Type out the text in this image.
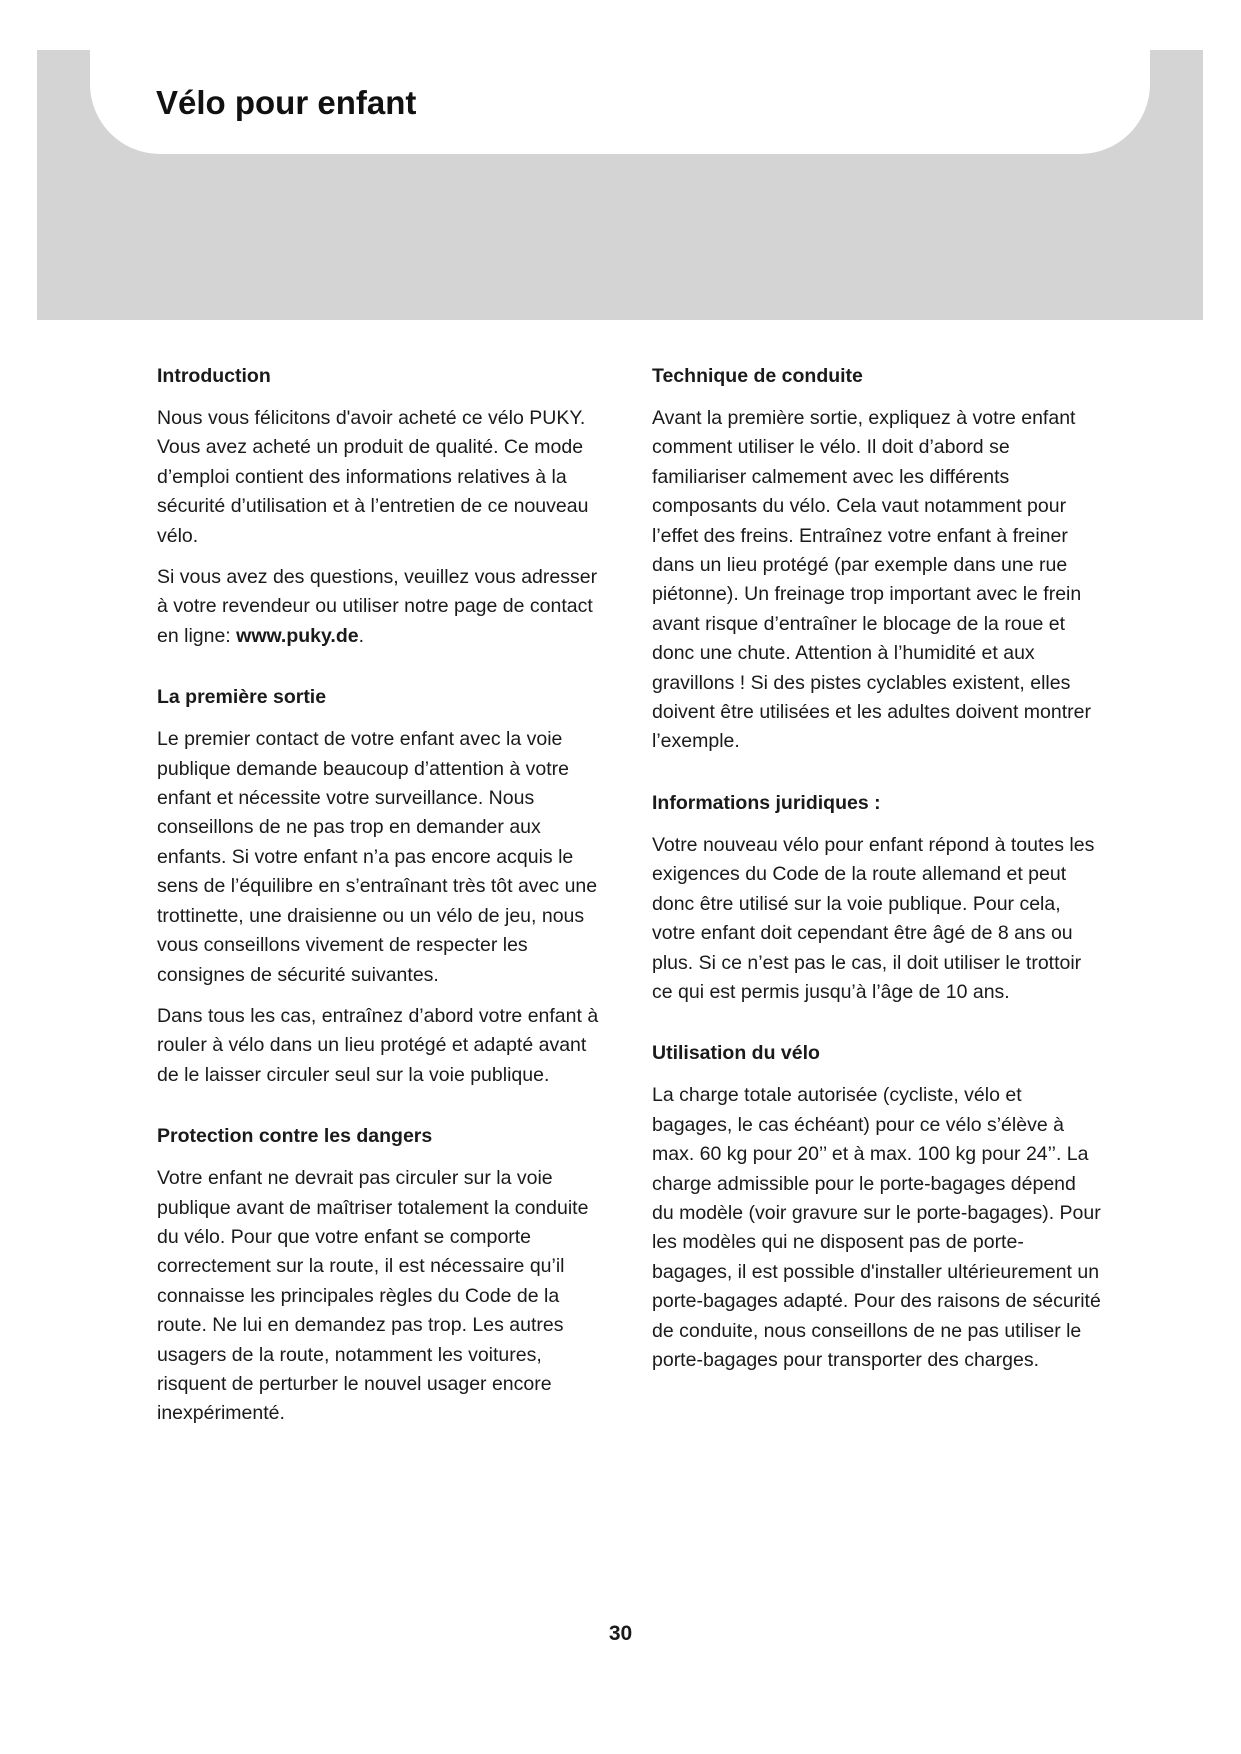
Vélo pour enfant
Introduction

Nous vous félicitons d'avoir acheté ce vélo PUKY. Vous avez acheté un produit de qualité. Ce mode d’emploi contient des informations relatives à la sécurité d’utilisation et à l’entretien de ce nouveau vélo.

Si vous avez des questions, veuillez vous adresser à votre revendeur ou utiliser notre page de contact en ligne: www.puky.de.

La première sortie

Le premier contact de votre enfant avec la voie publique demande beaucoup d’attention à votre enfant et nécessite votre surveillance. Nous conseillons de ne pas trop en demander aux enfants. Si votre enfant n’a pas encore acquis le sens de l’équilibre en s’entraînant très tôt avec une trottinette, une draisienne ou un vélo de jeu, nous vous conseillons vivement de respecter les consignes de sécurité suivantes.

Dans tous les cas, entraînez d’abord votre enfant à rouler à vélo dans un lieu protégé et adapté avant de le laisser circuler seul sur la voie publique.

Protection contre les dangers

Votre enfant ne devrait pas circuler sur la voie publique avant de maîtriser totalement la conduite du vélo. Pour que votre enfant se comporte correctement sur la route, il est nécessaire qu’il connaisse les principales règles du Code de la route. Ne lui en demandez pas trop. Les autres usagers de la route, notamment les voitures, risquent de perturber le nouvel usager encore inexpérimenté.

Technique de conduite

Avant la première sortie, expliquez à votre enfant comment utiliser le vélo. Il doit d’abord se familiariser calmement avec les différents composants du vélo. Cela vaut notamment pour l’effet des freins. Entraînez votre enfant à freiner dans un lieu protégé (par exemple dans une rue piétonne). Un freinage trop important avec le frein avant risque d’entraîner le blocage de la roue et donc une chute. Attention à l’humidité et aux gravillons ! Si des pistes cyclables existent, elles doivent être utilisées et les adultes doivent montrer l’exemple.

Informations juridiques :

Votre nouveau vélo pour enfant répond à toutes les exigences du Code de la route allemand et peut donc être utilisé sur la voie publique. Pour cela, votre enfant doit cependant être âgé de 8 ans ou plus. Si ce n’est pas le cas, il doit utiliser le trottoir ce qui est permis jusqu’à l’âge de 10 ans.

Utilisation du vélo

La charge totale autorisée (cycliste, vélo et bagages, le cas échéant) pour ce vélo s’élève à max. 60 kg pour 20’’ et à max. 100 kg pour 24’’. La charge admissible pour le porte-bagages dépend du modèle (voir gravure sur le porte-bagages). Pour les modèles qui ne disposent pas de porte-bagages, il est possible d'installer ultérieurement un porte-bagages adapté. Pour des raisons de sécurité de conduite, nous conseillons de ne pas utiliser le porte-bagages pour transporter des charges.

30
